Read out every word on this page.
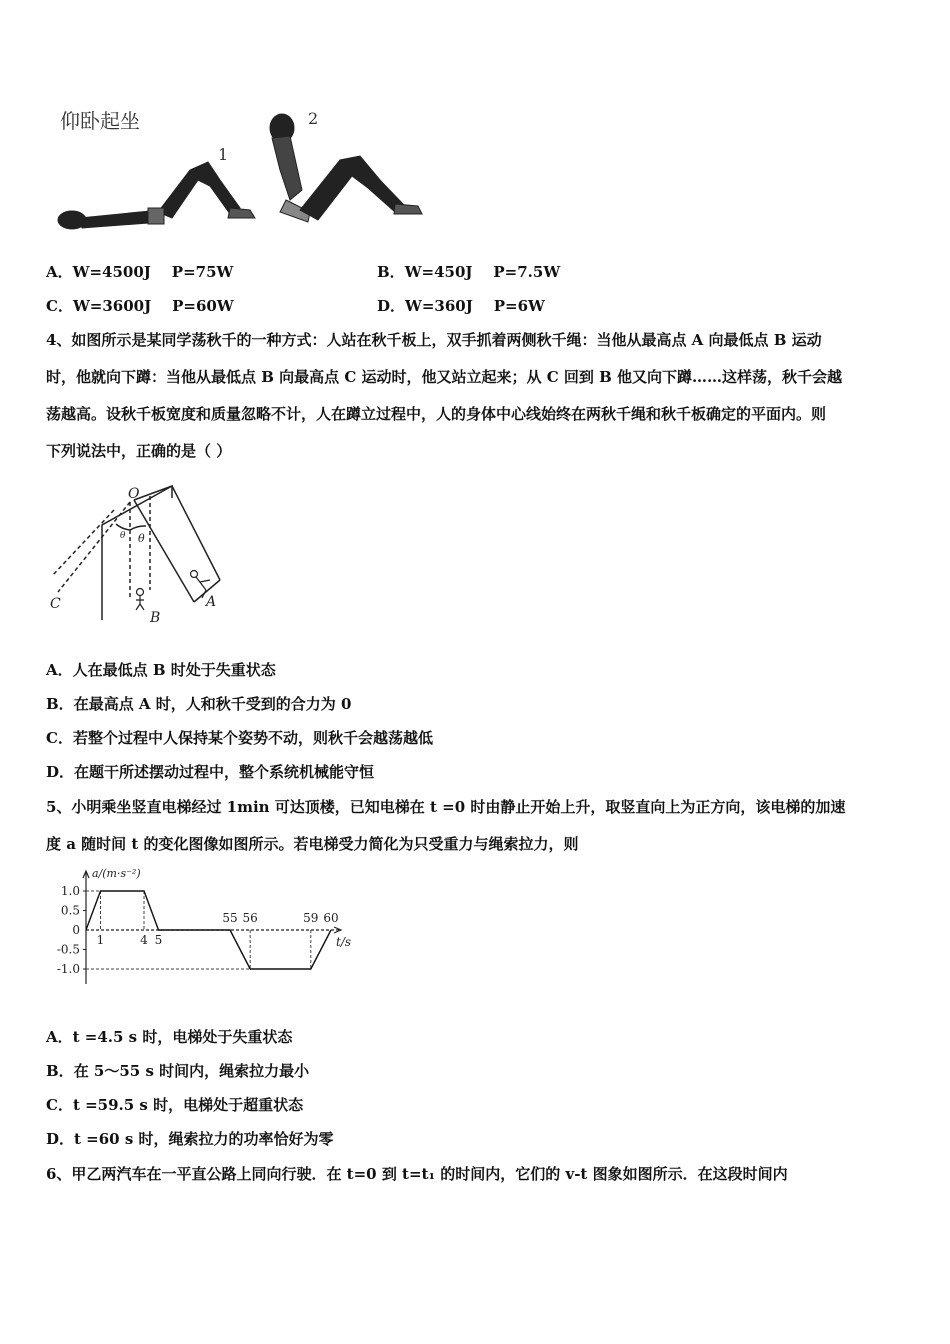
仰卧起坐
1
2
A．W=4500J    P=75W	B．W=450J    P=7.5W
C．W=3600J    P=60W	D．W=360J    P=6W
4、如图所示是某同学荡秋千的一种方式：人站在秋千板上，双手抓着两侧秋千绳：当他从最高点 A 向最低点 B 运动
时，他就向下蹲：当他从最低点 B 向最高点 C 运动时，他又站立起来；从 C 回到 B 他又向下蹲……这样荡，秋千会越
荡越高。设秋千板宽度和质量忽略不计，人在蹲立过程中，人的身体中心线始终在两秋千绳和秋千板确定的平面内。则
下列说法中，正确的是（ ）
O
θ
θ
A
B
C
A．人在最低点 B 时处于失重状态
B．在最高点 A 时，人和秋千受到的合力为 0
C．若整个过程中人保持某个姿势不动，则秋千会越荡越低
D．在题干所述摆动过程中，整个系统机械能守恒
5、小明乘坐竖直电梯经过 1min 可达顶楼，已知电梯在 t =0 时由静止开始上升，取竖直向上为正方向，该电梯的加速
度 a 随时间 t 的变化图像如图所示。若电梯受力简化为只受重力与绳索拉力，则
a/(m·s⁻²)
t/s
1.0
0.5
0
-0.5
-1.0
1	4 5
55 56	59 60
A．t =4.5 s 时，电梯处于失重状态
B．在 5～55 s 时间内，绳索拉力最小
C．t =59.5 s 时，电梯处于超重状态
D．t =60 s 时，绳索拉力的功率恰好为零
6、甲乙两汽车在一平直公路上同向行驶．在 t=0 到 t=t₁ 的时间内，它们的 v-t 图象如图所示．在这段时间内
